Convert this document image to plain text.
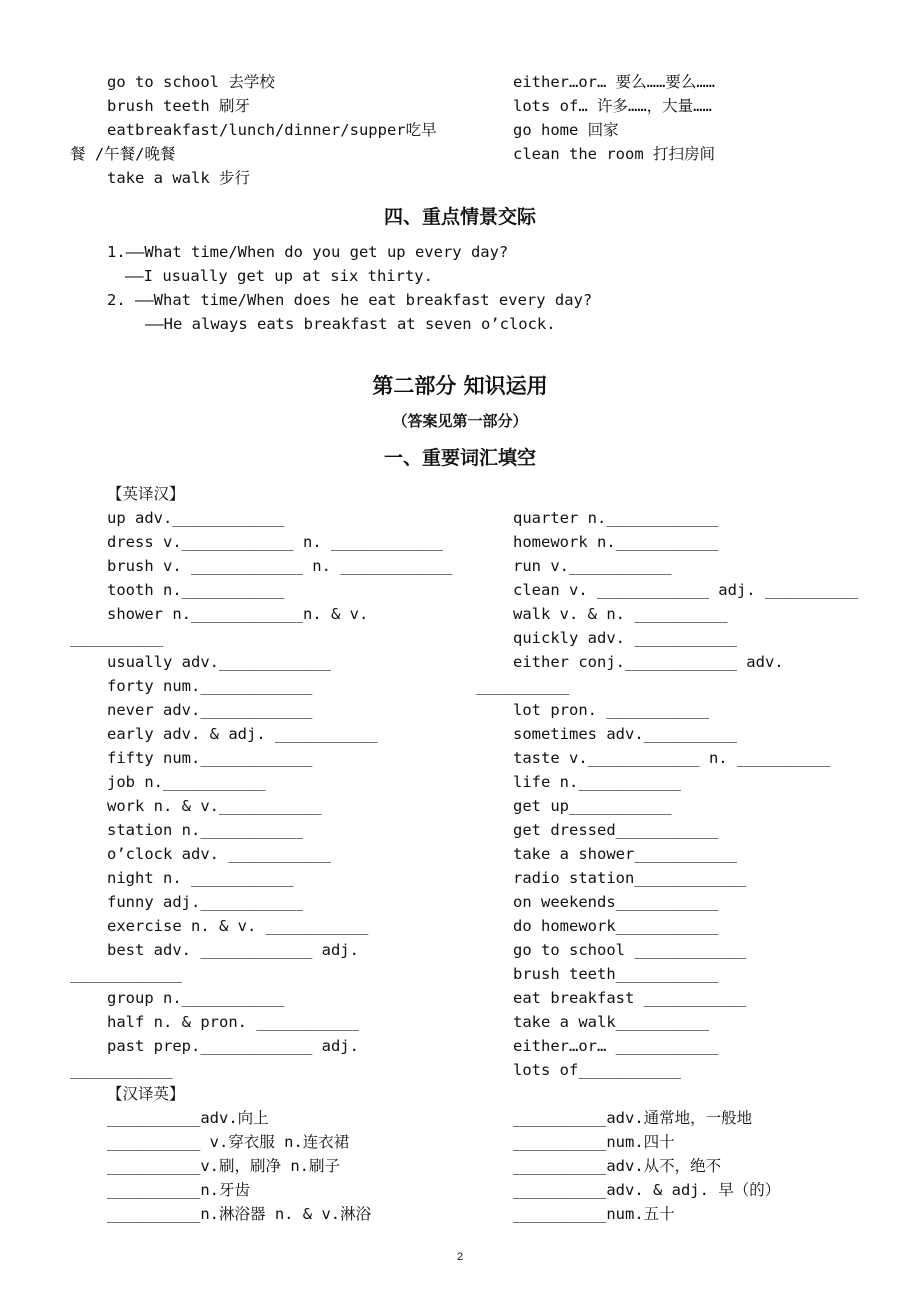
go to school 去学校
brush teeth 刷牙
eatbreakfast/lunch/dinner/supper吃早
餐 /午餐/晚餐
take a walk 步行
either…or… 要么……要么……
lots of… 许多……，大量……
go home 回家
clean the room 打扫房间
四、重点情景交际
1.——What time/When do you get up every day?
——I usually get up at six thirty.
2. ——What time/When does he eat breakfast every day?
——He always eats breakfast at seven o’clock.
第二部分 知识运用
（答案见第一部分）
一、重要词汇填空
【英译汉】
up adv.____________
dress v.____________ n. ____________
brush v. ____________ n. ____________
tooth n.___________
shower n.____________n. & v.
__________
usually adv.____________
forty num.____________
never adv.____________
early adv. & adj. ___________
fifty num.____________
job n.___________
work n. & v.___________
station n.___________
o’clock adv. ___________
night n. ___________
funny adj.___________
exercise n. & v. ___________
best adv. ____________ adj.
____________
group n.___________
half n. & pron. ___________
past prep.____________ adj.
___________
quarter n.____________
homework n.___________
run v.___________
clean v. ____________ adj. __________
walk v. & n. __________
quickly adv. ___________
either conj.____________ adv.
__________
lot pron. ___________
sometimes adv.__________
taste v.____________ n. __________
life n.___________
get up___________
get dressed___________
take a shower___________
radio station____________
on weekends___________
do homework___________
go to school ____________
brush teeth___________
eat breakfast ___________
take a walk__________
either…or… ___________
lots of___________
【汉译英】
__________adv.向上
__________ v.穿衣服 n.连衣裙
__________v.刷，刷净 n.刷子
__________n.牙齿
__________n.淋浴器 n. & v.淋浴
__________adv.通常地，一般地
__________num.四十
__________adv.从不，绝不
__________adv. & adj. 早（的）
__________num.五十
2
